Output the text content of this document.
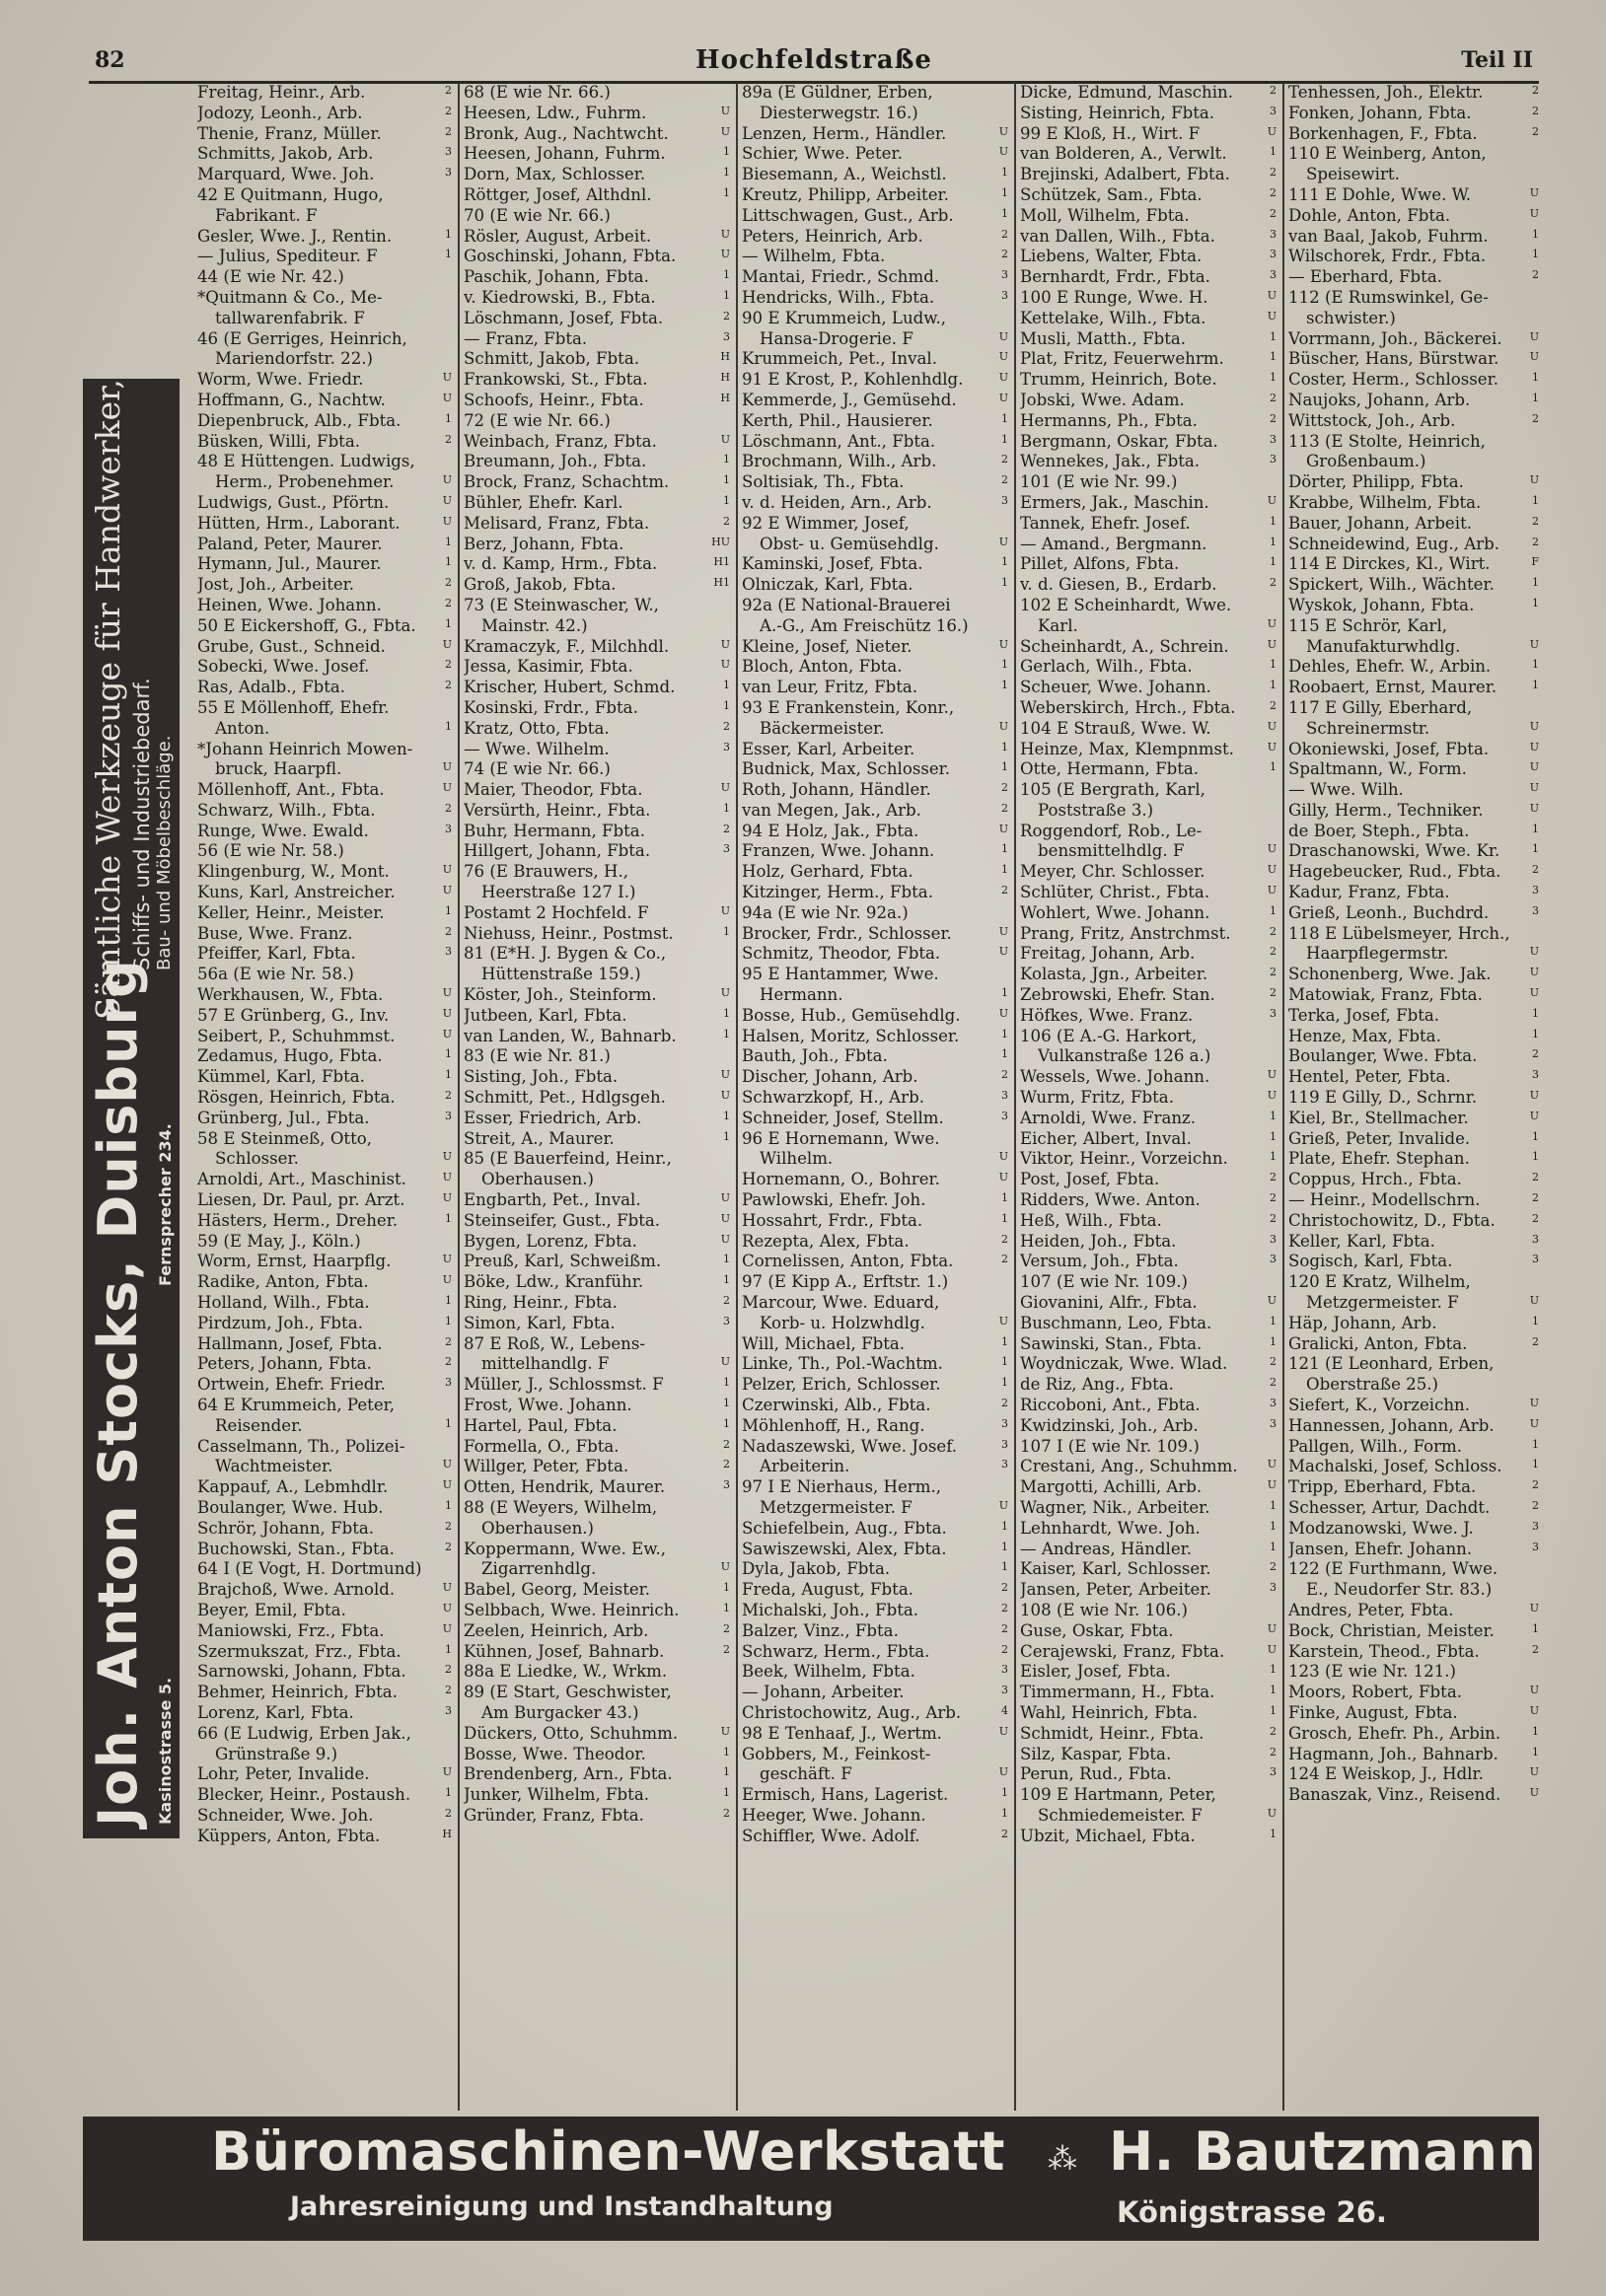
82	Hochfeldstraße	Teil II
Joh. Anton Stocks, Duisburg Kasinostrasse 5.
Fernsprecher 234.
Sämtliche Werkzeuge für Handwerker, Schiffs- und Industriebedarf. Bau- und Möbelbeschläge.
Freitag, Heinr., Arb.	2
Jodozy, Leonh., Arb.	2
Thenie, Franz, Müller.	2
Schmitts, Jakob, Arb.	3
Marquard, Wwe. Joh.	3
42 E Quitmann, Hugo,
Fabrikant. F
Gesler, Wwe. J., Rentin.	1
— Julius, Spediteur. F	1
44 (E wie Nr. 42.)
*Quitmann & Co., Me-
tallwarenfabrik. F
46 (E Gerriges, Heinrich,
Mariendorfstr. 22.)
Worm, Wwe. Friedr.	U
Hoffmann, G., Nachtw.	U
Diepenbruck, Alb., Fbta.	1
Büsken, Willi, Fbta.	2
48 E Hüttengen. Ludwigs,
Herm., Probenehmer.	U
Ludwigs, Gust., Pförtn.	U
Hütten, Hrm., Laborant.	U
Paland, Peter, Maurer.	1
Hymann, Jul., Maurer.	1
Jost, Joh., Arbeiter.	2
Heinen, Wwe. Johann.	2
50 E Eickershoff, G., Fbta.	1
Grube, Gust., Schneid.	U
Sobecki, Wwe. Josef.	2
Ras, Adalb., Fbta.	2
55 E Möllenhoff, Ehefr.
Anton.	1
*Johann Heinrich Mowen-
bruck, Haarpfl.	U
Möllenhoff, Ant., Fbta.	U
Schwarz, Wilh., Fbta.	2
Runge, Wwe. Ewald.	3
56 (E wie Nr. 58.)
Klingenburg, W., Mont.	U
Kuns, Karl, Anstreicher.	U
Keller, Heinr., Meister.	1
Buse, Wwe. Franz.	2
Pfeiffer, Karl, Fbta.	3
56a (E wie Nr. 58.)
Werkhausen, W., Fbta.	U
57 E Grünberg, G., Inv.	U
Seibert, P., Schuhmmst.	U
Zedamus, Hugo, Fbta.	1
Kümmel, Karl, Fbta.	1
Rösgen, Heinrich, Fbta.	2
Grünberg, Jul., Fbta.	3
58 E Steinmeß, Otto,
Schlosser.	U
Arnoldi, Art., Maschinist.	U
Liesen, Dr. Paul, pr. Arzt.	U
Hästers, Herm., Dreher.	1
59 (E May, J., Köln.)
Worm, Ernst, Haarpflg.	U
Radike, Anton, Fbta.	U
Holland, Wilh., Fbta.	1
Pirdzum, Joh., Fbta.	1
Hallmann, Josef, Fbta.	2
Peters, Johann, Fbta.	2
Ortwein, Ehefr. Friedr.	3
64 E Krummeich, Peter,
Reisender.	1
Casselmann, Th., Polizei-
Wachtmeister.	U
Kappauf, A., Lebmhdlr.	U
Boulanger, Wwe. Hub.	1
Schrör, Johann, Fbta.	2
Buchowski, Stan., Fbta.	2
64 I (E Vogt, H. Dortmund)
Brajchoß, Wwe. Arnold.	U
Beyer, Emil, Fbta.	U
Maniowski, Frz., Fbta.	U
Szermukszat, Frz., Fbta.	1
Sarnowski, Johann, Fbta.	2
Behmer, Heinrich, Fbta.	2
Lorenz, Karl, Fbta.	3
66 (E Ludwig, Erben Jak.,
Grünstraße 9.)
Lohr, Peter, Invalide.	U
Blecker, Heinr., Postaush.	1
Schneider, Wwe. Joh.	2
Küppers, Anton, Fbta.	H
68 (E wie Nr. 66.)
Heesen, Ldw., Fuhrm.	U
Bronk, Aug., Nachtwcht.	U
Heesen, Johann, Fuhrm.	1
Dorn, Max, Schlosser.	1
Röttger, Josef, Althdnl.	1
70 (E wie Nr. 66.)
Rösler, August, Arbeit.	U
Goschinski, Johann, Fbta.	U
Paschik, Johann, Fbta.	1
v. Kiedrowski, B., Fbta.	1
Löschmann, Josef, Fbta.	2
— Franz, Fbta.	3
Schmitt, Jakob, Fbta.	H
Frankowski, St., Fbta.	H
Schoofs, Heinr., Fbta.	H
72 (E wie Nr. 66.)
Weinbach, Franz, Fbta.	U
Breumann, Joh., Fbta.	1
Brock, Franz, Schachtm.	1
Bühler, Ehefr. Karl.	1
Melisard, Franz, Fbta.	2
Berz, Johann, Fbta.	HU
v. d. Kamp, Hrm., Fbta.	H1
Groß, Jakob, Fbta.	H1
73 (E Steinwascher, W.,
Mainstr. 42.)
Kramaczyk, F., Milchhdl.	U
Jessa, Kasimir, Fbta.	U
Krischer, Hubert, Schmd.	1
Kosinski, Frdr., Fbta.	1
Kratz, Otto, Fbta.	2
— Wwe. Wilhelm.	3
74 (E wie Nr. 66.)
Maier, Theodor, Fbta.	U
Versürth, Heinr., Fbta.	1
Buhr, Hermann, Fbta.	2
Hillgert, Johann, Fbta.	3
76 (E Brauwers, H.,
Heerstraße 127 I.)
Postamt 2 Hochfeld. F	U
Niehuss, Heinr., Postmst.	1
81 (E*H. J. Bygen & Co.,
Hüttenstraße 159.)
Köster, Joh., Steinform.	U
Jutbeen, Karl, Fbta.	1
van Landen, W., Bahnarb.	1
83 (E wie Nr. 81.)
Sisting, Joh., Fbta.	U
Schmitt, Pet., Hdlgsgeh.	U
Esser, Friedrich, Arb.	1
Streit, A., Maurer.	1
85 (E Bauerfeind, Heinr.,
Oberhausen.)
Engbarth, Pet., Inval.	U
Steinseifer, Gust., Fbta.	U
Bygen, Lorenz, Fbta.	U
Preuß, Karl, Schweißm.	1
Böke, Ldw., Kranführ.	1
Ring, Heinr., Fbta.	2
Simon, Karl, Fbta.	3
87 E Roß, W., Lebens-
mittelhandlg. F	U
Müller, J., Schlossmst. F	1
Frost, Wwe. Johann.	1
Hartel, Paul, Fbta.	1
Formella, O., Fbta.	2
Willger, Peter, Fbta.	2
Otten, Hendrik, Maurer.	3
88 (E Weyers, Wilhelm,
Oberhausen.)
Koppermann, Wwe. Ew.,
Zigarrenhdlg.	U
Babel, Georg, Meister.	1
Selbbach, Wwe. Heinrich.	1
Zeelen, Heinrich, Arb.	2
Kühnen, Josef, Bahnarb.	2
88a E Liedke, W., Wrkm.
89 (E Start, Geschwister,
Am Burgacker 43.)
Dückers, Otto, Schuhmm.	U
Bosse, Wwe. Theodor.	1
Brendenberg, Arn., Fbta.	1
Junker, Wilhelm, Fbta.	1
Gründer, Franz, Fbta.	2
89a (E Güldner, Erben,
Diesterwegstr. 16.)
Lenzen, Herm., Händler.	U
Schier, Wwe. Peter.	U
Biesemann, A., Weichstl.	1
Kreutz, Philipp, Arbeiter.	1
Littschwagen, Gust., Arb.	1
Peters, Heinrich, Arb.	2
— Wilhelm, Fbta.	2
Mantai, Friedr., Schmd.	3
Hendricks, Wilh., Fbta.	3
90 E Krummeich, Ludw.,
Hansa-Drogerie. F	U
Krummeich, Pet., Inval.	U
91 E Krost, P., Kohlenhdlg.	U
Kemmerde, J., Gemüsehd.	U
Kerth, Phil., Hausierer.	1
Löschmann, Ant., Fbta.	1
Brochmann, Wilh., Arb.	2
Soltisiak, Th., Fbta.	2
v. d. Heiden, Arn., Arb.	3
92 E Wimmer, Josef,
Obst- u. Gemüsehdlg.	U
Kaminski, Josef, Fbta.	1
Olniczak, Karl, Fbta.	1
92a (E National-Brauerei
A.-G., Am Freischütz 16.)
Kleine, Josef, Nieter.	U
Bloch, Anton, Fbta.	1
van Leur, Fritz, Fbta.	1
93 E Frankenstein, Konr.,
Bäckermeister.	U
Esser, Karl, Arbeiter.	1
Budnick, Max, Schlosser.	1
Roth, Johann, Händler.	2
van Megen, Jak., Arb.	2
94 E Holz, Jak., Fbta.	U
Franzen, Wwe. Johann.	1
Holz, Gerhard, Fbta.	1
Kitzinger, Herm., Fbta.	2
94a (E wie Nr. 92a.)
Brocker, Frdr., Schlosser.	U
Schmitz, Theodor, Fbta.	U
95 E Hantammer, Wwe.
Hermann.	1
Bosse, Hub., Gemüsehdlg.	U
Halsen, Moritz, Schlosser.	1
Bauth, Joh., Fbta.	1
Discher, Johann, Arb.	2
Schwarzkopf, H., Arb.	3
Schneider, Josef, Stellm.	3
96 E Hornemann, Wwe.
Wilhelm.	U
Hornemann, O., Bohrer.	U
Pawlowski, Ehefr. Joh.	1
Hossahrt, Frdr., Fbta.	1
Rezepta, Alex, Fbta.	2
Cornelissen, Anton, Fbta.	2
97 (E Kipp A., Erftstr. 1.)
Marcour, Wwe. Eduard,
Korb- u. Holzwhdlg.	U
Will, Michael, Fbta.	1
Linke, Th., Pol.-Wachtm.	1
Pelzer, Erich, Schlosser.	1
Czerwinski, Alb., Fbta.	2
Möhlenhoff, H., Rang.	3
Nadaszewski, Wwe. Josef.	3
Arbeiterin.	3
97 I E Nierhaus, Herm.,
Metzgermeister. F	U
Schiefelbein, Aug., Fbta.	1
Sawiszewski, Alex, Fbta.	1
Dyla, Jakob, Fbta.	1
Freda, August, Fbta.	2
Michalski, Joh., Fbta.	2
Balzer, Vinz., Fbta.	2
Schwarz, Herm., Fbta.	2
Beek, Wilhelm, Fbta.	3
— Johann, Arbeiter.	3
Christochowitz, Aug., Arb.	4
98 E Tenhaaf, J., Wertm.	U
Gobbers, M., Feinkost-
geschäft. F	U
Ermisch, Hans, Lagerist.	1
Heeger, Wwe. Johann.	1
Schiffler, Wwe. Adolf.	2
Dicke, Edmund, Maschin.	2
Sisting, Heinrich, Fbta.	3
99 E Kloß, H., Wirt. F	U
van Bolderen, A., Verwlt.	1
Brejinski, Adalbert, Fbta.	2
Schützek, Sam., Fbta.	2
Moll, Wilhelm, Fbta.	2
van Dallen, Wilh., Fbta.	3
Liebens, Walter, Fbta.	3
Bernhardt, Frdr., Fbta.	3
100 E Runge, Wwe. H.	U
Kettelake, Wilh., Fbta.	U
Musli, Matth., Fbta.	1
Plat, Fritz, Feuerwehrm.	1
Trumm, Heinrich, Bote.	1
Jobski, Wwe. Adam.	2
Hermanns, Ph., Fbta.	2
Bergmann, Oskar, Fbta.	3
Wennekes, Jak., Fbta.	3
101 (E wie Nr. 99.)
Ermers, Jak., Maschin.	U
Tannek, Ehefr. Josef.	1
— Amand., Bergmann.	1
Pillet, Alfons, Fbta.	1
v. d. Giesen, B., Erdarb.	2
102 E Scheinhardt, Wwe.
Karl.	U
Scheinhardt, A., Schrein.	U
Gerlach, Wilh., Fbta.	1
Scheuer, Wwe. Johann.	1
Weberskirch, Hrch., Fbta.	2
104 E Strauß, Wwe. W.	U
Heinze, Max, Klempnmst.	U
Otte, Hermann, Fbta.	1
105 (E Bergrath, Karl,
Poststraße 3.)
Roggendorf, Rob., Le-
bensmittelhdlg. F	U
Meyer, Chr. Schlosser.	U
Schlüter, Christ., Fbta.	U
Wohlert, Wwe. Johann.	1
Prang, Fritz, Anstrchmst.	2
Freitag, Johann, Arb.	2
Kolasta, Jgn., Arbeiter.	2
Zebrowski, Ehefr. Stan.	2
Höfkes, Wwe. Franz.	3
106 (E A.-G. Harkort,
Vulkanstraße 126 a.)
Wessels, Wwe. Johann.	U
Wurm, Fritz, Fbta.	U
Arnoldi, Wwe. Franz.	1
Eicher, Albert, Inval.	1
Viktor, Heinr., Vorzeichn.	1
Post, Josef, Fbta.	2
Ridders, Wwe. Anton.	2
Heß, Wilh., Fbta.	2
Heiden, Joh., Fbta.	3
Versum, Joh., Fbta.	3
107 (E wie Nr. 109.)
Giovanini, Alfr., Fbta.	U
Buschmann, Leo, Fbta.	1
Sawinski, Stan., Fbta.	1
Woydniczak, Wwe. Wlad.	2
de Riz, Ang., Fbta.	2
Riccoboni, Ant., Fbta.	3
Kwidzinski, Joh., Arb.	3
107 I (E wie Nr. 109.)
Crestani, Ang., Schuhmm.	U
Margotti, Achilli, Arb.	U
Wagner, Nik., Arbeiter.	1
Lehnhardt, Wwe. Joh.	1
— Andreas, Händler.	1
Kaiser, Karl, Schlosser.	2
Jansen, Peter, Arbeiter.	3
108 (E wie Nr. 106.)
Guse, Oskar, Fbta.	U
Cerajewski, Franz, Fbta.	U
Eisler, Josef, Fbta.	1
Timmermann, H., Fbta.	1
Wahl, Heinrich, Fbta.	1
Schmidt, Heinr., Fbta.	2
Silz, Kaspar, Fbta.	2
Perun, Rud., Fbta.	3
109 E Hartmann, Peter,
Schmiedemeister. F	U
Ubzit, Michael, Fbta.	1
Tenhessen, Joh., Elektr.	2
Fonken, Johann, Fbta.	2
Borkenhagen, F., Fbta.	2
110 E Weinberg, Anton,
Speisewirt.
111 E Dohle, Wwe. W.	U
Dohle, Anton, Fbta.	U
van Baal, Jakob, Fuhrm.	1
Wilschorek, Frdr., Fbta.	1
— Eberhard, Fbta.	2
112 (E Rumswinkel, Ge-
schwister.)
Vorrmann, Joh., Bäckerei.	U
Büscher, Hans, Bürstwar.	U
Coster, Herm., Schlosser.	1
Naujoks, Johann, Arb.	1
Wittstock, Joh., Arb.	2
113 (E Stolte, Heinrich,
Großenbaum.)
Dörter, Philipp, Fbta.	U
Krabbe, Wilhelm, Fbta.	1
Bauer, Johann, Arbeit.	2
Schneidewind, Eug., Arb.	2
114 E Dirckes, Kl., Wirt.	F
Spickert, Wilh., Wächter.	1
Wyskok, Johann, Fbta.	1
115 E Schrör, Karl,
Manufakturwhdlg.	U
Dehles, Ehefr. W., Arbin.	1
Roobaert, Ernst, Maurer.	1
117 E Gilly, Eberhard,
Schreinermstr.	U
Okoniewski, Josef, Fbta.	U
Spaltmann, W., Form.	U
— Wwe. Wilh.	U
Gilly, Herm., Techniker.	U
de Boer, Steph., Fbta.	1
Draschanowski, Wwe. Kr.	1
Hagebeucker, Rud., Fbta.	2
Kadur, Franz, Fbta.	3
Grieß, Leonh., Buchdrd.	3
118 E Lübelsmeyer, Hrch.,
Haarpflegermstr.	U
Schonenberg, Wwe. Jak.	U
Matowiak, Franz, Fbta.	U
Terka, Josef, Fbta.	1
Henze, Max, Fbta.	1
Boulanger, Wwe. Fbta.	2
Hentel, Peter, Fbta.	3
119 E Gilly, D., Schrnr.	U
Kiel, Br., Stellmacher.	U
Grieß, Peter, Invalide.	1
Plate, Ehefr. Stephan.	1
Coppus, Hrch., Fbta.	2
— Heinr., Modellschrn.	2
Christochowitz, D., Fbta.	2
Keller, Karl, Fbta.	3
Sogisch, Karl, Fbta.	3
120 E Kratz, Wilhelm,
Metzgermeister. F	U
Häp, Johann, Arb.	1
Gralicki, Anton, Fbta.	2
121 (E Leonhard, Erben,
Oberstraße 25.)
Siefert, K., Vorzeichn.	U
Hannessen, Johann, Arb.	U
Pallgen, Wilh., Form.	1
Machalski, Josef, Schloss.	1
Tripp, Eberhard, Fbta.	2
Schesser, Artur, Dachdt.	2
Modzanowski, Wwe. J.	3
Jansen, Ehefr. Johann.	3
122 (E Furthmann, Wwe.
E., Neudorfer Str. 83.)
Andres, Peter, Fbta.	U
Bock, Christian, Meister.	1
Karstein, Theod., Fbta.	2
123 (E wie Nr. 121.)
Moors, Robert, Fbta.	U
Finke, August, Fbta.	U
Grosch, Ehefr. Ph., Arbin.	1
Hagmann, Joh., Bahnarb.	1
124 E Weiskop, J., Hdlr.	U
Banaszak, Vinz., Reisend.	U
Büromaschinen-Werkstatt ⁂ H. Bautzmann
Jahresreinigung und Instandhaltung	Königstrasse 26.
